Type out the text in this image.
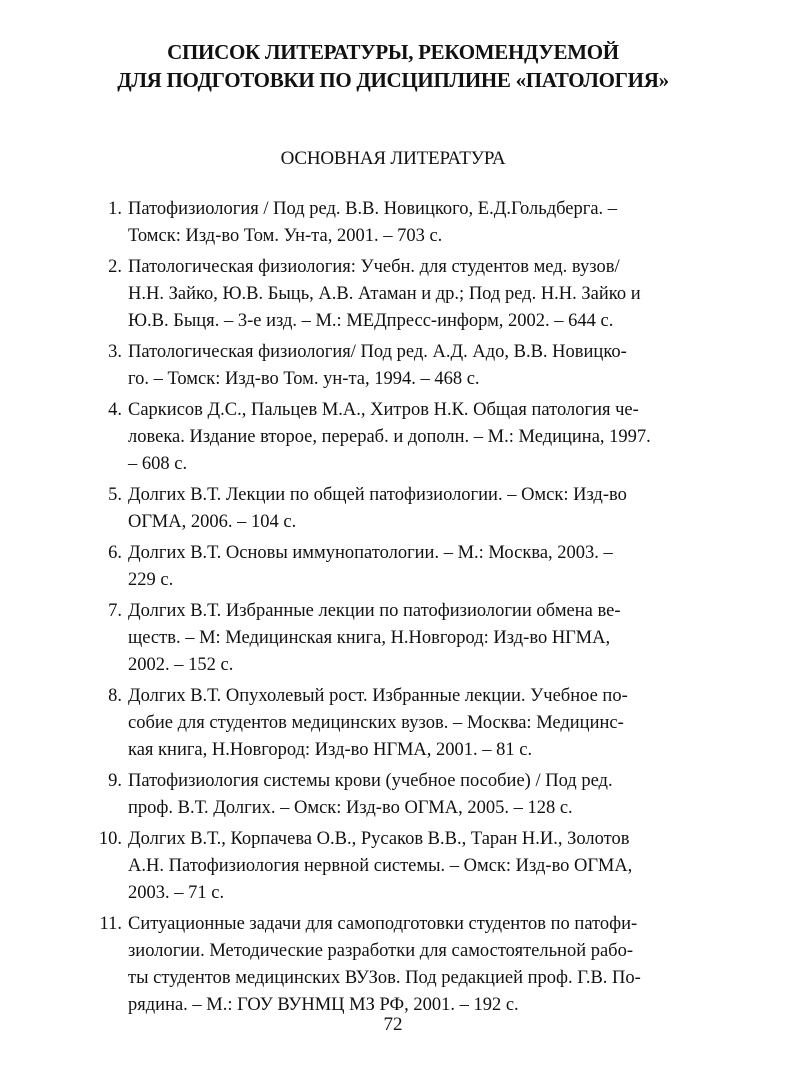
СПИСОК ЛИТЕРАТУРЫ, РЕКОМЕНДУЕМОЙ
ДЛЯ ПОДГОТОВКИ ПО ДИСЦИПЛИНЕ «ПАТОЛОГИЯ»
ОСНОВНАЯ ЛИТЕРАТУРА
1. Патофизиология / Под ред. В.В. Новицкого, Е.Д.Гольдберга. –
Томск: Изд-во Том. Ун-та, 2001. – 703 с.
2. Патологическая физиология: Учебн. для студентов мед. вузов/
Н.Н. Зайко, Ю.В. Быць, А.В. Атаман и др.; Под ред. Н.Н. Зайко и
Ю.В. Быця. – 3-е изд. – М.: МЕДпресс-информ, 2002. – 644 с.
3. Патологическая физиология/ Под ред. А.Д. Адо, В.В. Новицко-
го. – Томск: Изд-во Том. ун-та, 1994. – 468 с.
4. Саркисов Д.С., Пальцев М.А., Хитров Н.К. Общая патология че-
ловека. Издание второе, перераб. и дополн. – М.: Медицина, 1997.
– 608 с.
5. Долгих В.Т. Лекции по общей патофизиологии. – Омск: Изд-во
ОГМА, 2006. – 104 с.
6. Долгих В.Т. Основы иммунопатологии. – М.: Москва, 2003. –
229 с.
7. Долгих В.Т. Избранные лекции по патофизиологии обмена ве-
ществ. – М: Медицинская книга, Н.Новгород: Изд-во НГМА,
2002. – 152 с.
8. Долгих В.Т. Опухолевый рост. Избранные лекции. Учебное по-
собие для студентов медицинских вузов. – Москва: Медицинс-
кая книга, Н.Новгород: Изд-во НГМА, 2001. – 81 с.
9. Патофизиология системы крови (учебное пособие) / Под ред.
проф. В.Т. Долгих. – Омск: Изд-во ОГМА, 2005. – 128 с.
10. Долгих В.Т., Корпачева О.В., Русаков В.В., Таран Н.И., Золотов
А.Н. Патофизиология нервной системы. – Омск: Изд-во ОГМА,
2003. – 71 с.
11. Ситуационные задачи для самоподготовки студентов по патофи-
зиологии. Методические разработки для самостоятельной рабо-
ты студентов медицинских ВУЗов. Под редакцией проф. Г.В. По-
рядина. – М.: ГОУ ВУНМЦ МЗ РФ, 2001. – 192 с.
72
